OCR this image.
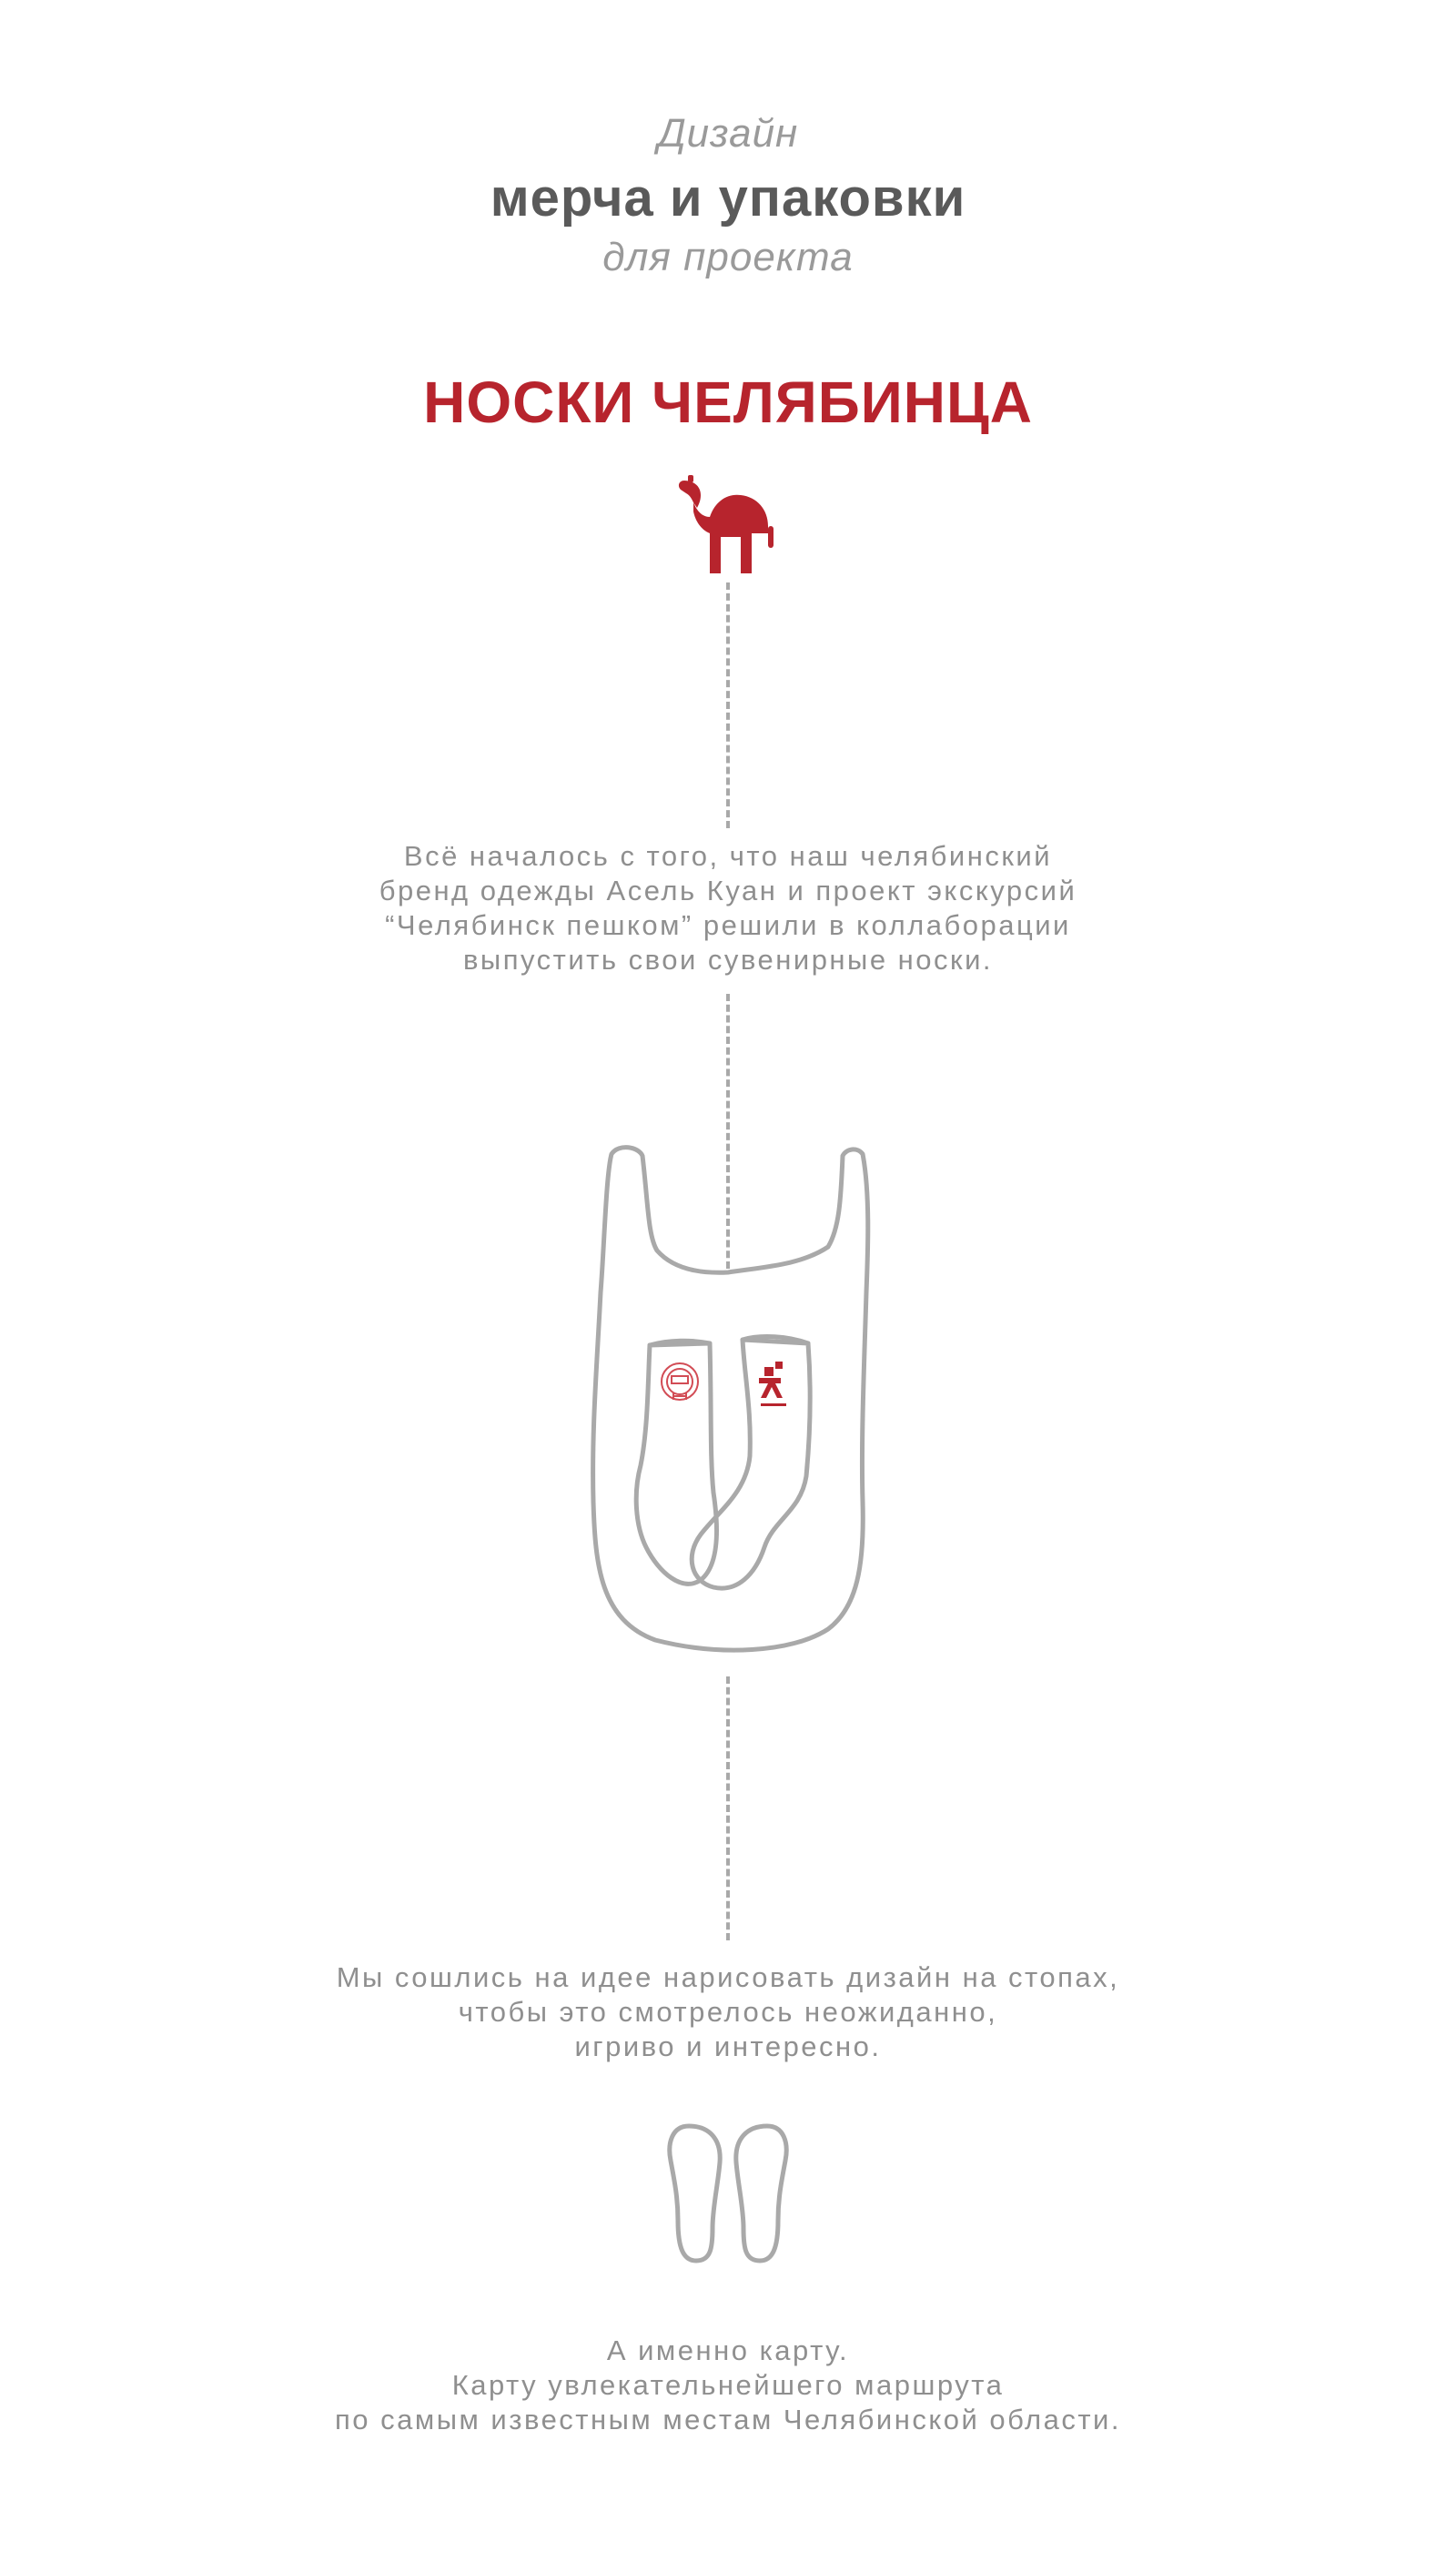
Дизайн

мерча и упаковки

для проекта

НОСКИ ЧЕЛЯБИНЦА
Всё началось с того, что наш челябинский
бренд одежды Асель Куан и проект экскурсий
“Челябинск пешком” решили в коллаборации
выпустить свои сувенирные носки.
Мы сошлись на идее нарисовать дизайн на стопах,
чтобы это смотрелось неожиданно,
игриво и интересно.
А именно карту.
Карту увлекательнейшего маршрута
по самым известным местам Челябинской области.
